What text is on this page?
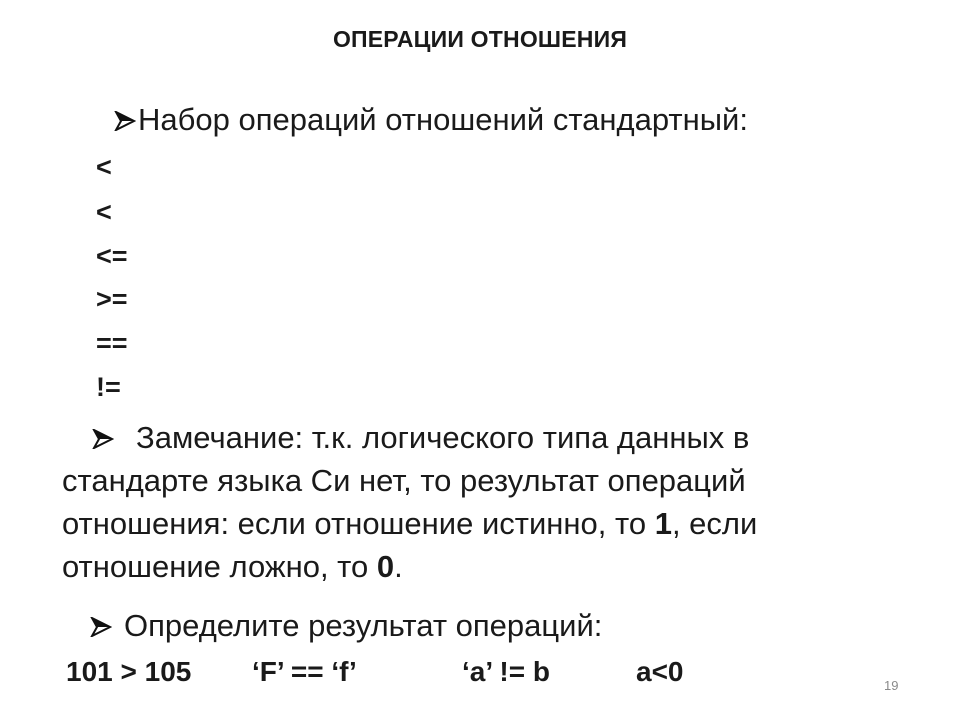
ОПЕРАЦИИ ОТНОШЕНИЯ
Набор операций отношений стандартный:
<
<
<=
>=
==
!=
Замечание: т.к. логического типа данных в стандарте языка Си нет, то результат операций отношения: если отношение истинно, то 1, если отношение ложно, то 0.
Определите результат операций:
101 > 105 ‘F’ == ‘f’	‘a’ != b	a<0	19
